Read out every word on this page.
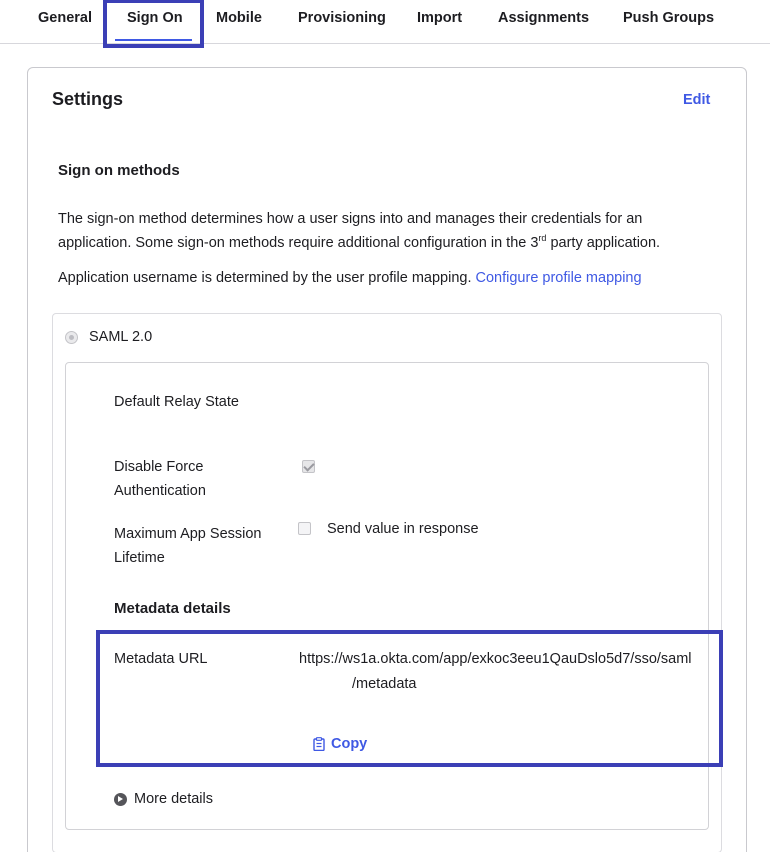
General Sign On Mobile Provisioning Import Assignments Push Groups
Settings	Edit
Sign on methods
The sign-on method determines how a user signs into and manages their credentials for an application. Some sign-on methods require additional configuration in the 3rd party application.
Application username is determined by the user profile mapping. Configure profile mapping
SAML 2.0
Default Relay State
Disable Force Authentication
Maximum App Session Lifetime
Send value in response
Metadata details
Metadata URL	https://ws1a.okta.com/app/exkoc3eeu1QauDslo5d7/sso/saml
/metadata
Copy
More details
